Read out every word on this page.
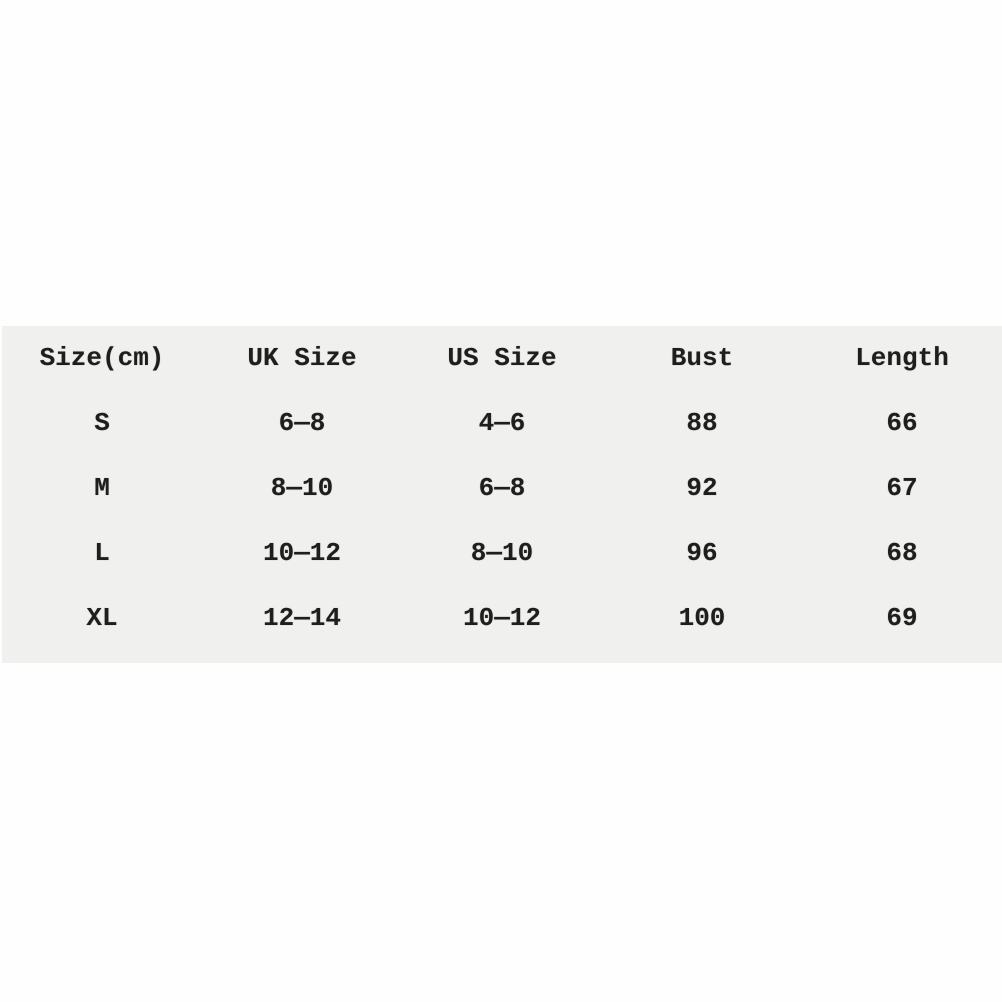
Size(cm)	UK Size	US Size	Bust	Length
S	6—8	4—6	88	66
M	8—10	6—8	92	67
L	10—12	8—10	96	68
XL	12—14	10—12	100	69
